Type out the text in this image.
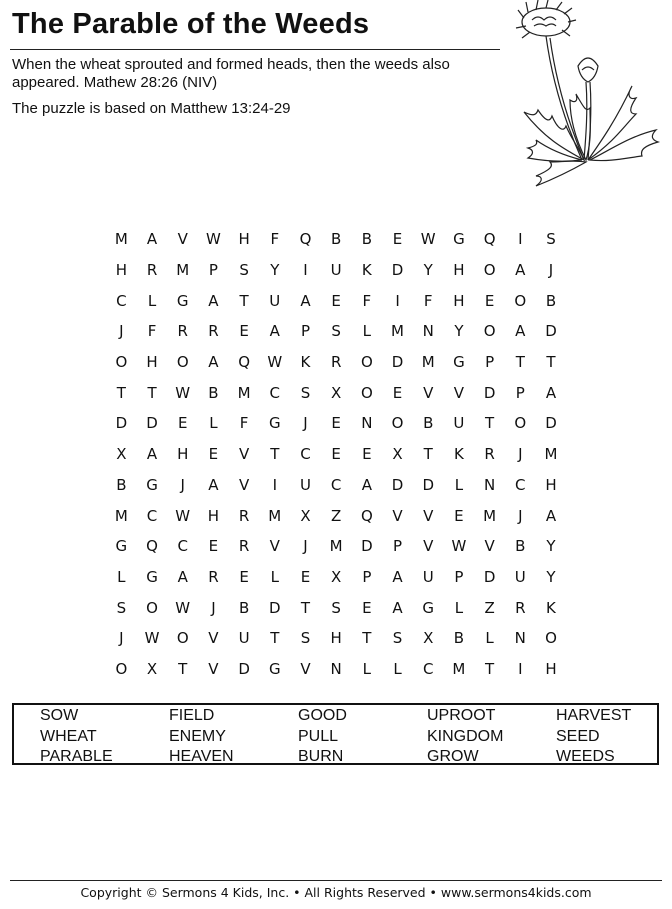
The Parable of the Weeds
When the wheat sprouted and formed heads, then the weeds also appeared. Mathew 28:26 (NIV)
The puzzle is based on Matthew 13:24-29
M	A	V	W	H	F	Q	B	B	E	W	G	Q	I	S
H	R	M	P	S	Y	I	U	K	D	Y	H	O	A	J
C	L	G	A	T	U	A	E	F	I	F	H	E	O	B
J	F	R	R	E	A	P	S	L	M	N	Y	O	A	D
O	H	O	A	Q	W	K	R	O	D	M	G	P	T	T
T	T	W	B	M	C	S	X	O	E	V	V	D	P	A
D	D	E	L	F	G	J	E	N	O	B	U	T	O	D
X	A	H	E	V	T	C	E	E	X	T	K	R	J	M
B	G	J	A	V	I	U	C	A	D	D	L	N	C	H
M	C	W	H	R	M	X	Z	Q	V	V	E	M	J	A
G	Q	C	E	R	V	J	M	D	P	V	W	V	B	Y
L	G	A	R	E	L	E	X	P	A	U	P	D	U	Y
S	O	W	J	B	D	T	S	E	A	G	L	Z	R	K
J	W	O	V	U	T	S	H	T	S	X	B	L	N	O
O	X	T	V	D	G	V	N	L	L	C	M	T	I	H
SOW	FIELD	GOOD	UPROOT	HARVEST
WHEAT	ENEMY	PULL	KINGDOM	SEED
PARABLE	HEAVEN	BURN	GROW	WEEDS
Copyright © Sermons 4 Kids, Inc. • All Rights Reserved • www.sermons4kids.com
